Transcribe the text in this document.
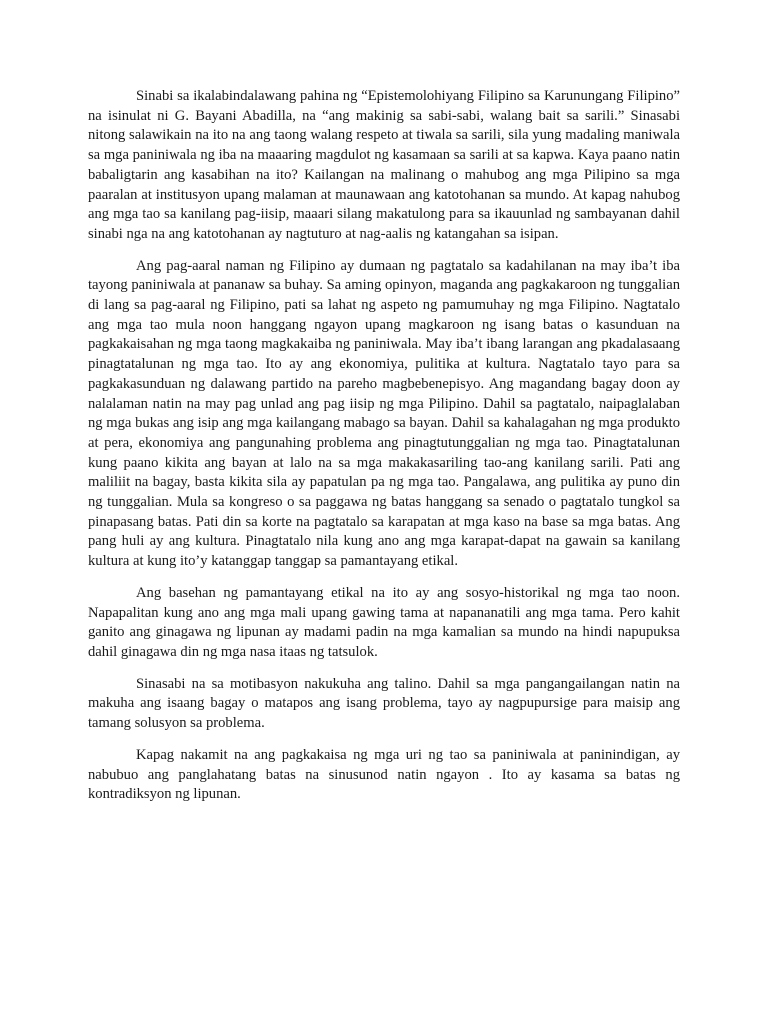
Sinabi sa ikalabindalawang pahina ng “Epistemolohiyang Filipino sa Karunungang Filipino” na isinulat ni G. Bayani Abadilla, na “ang makinig sa sabi-sabi, walang bait sa sarili.” Sinasabi nitong salawikain na ito na ang taong walang respeto at tiwala sa sarili, sila yung madaling maniwala sa mga paniniwala ng iba na maaaring magdulot ng kasamaan sa sarili at sa kapwa. Kaya paano natin babaligtarin ang kasabihan na ito? Kailangan na malinang o mahubog ang mga Pilipino sa mga paaralan at institusyon upang malaman at maunawaan ang katotohanan sa mundo. At kapag nahubog ang mga tao sa kanilang pag-iisip, maaari silang makatulong para sa ikauunlad ng sambayanan dahil sinabi nga na ang katotohanan ay nagtuturo at nag-aalis ng katangahan sa isipan.

Ang pag-aaral naman ng Filipino ay dumaan ng pagtatalo sa kadahilanan na may iba’t iba tayong paniniwala at pananaw sa buhay. Sa aming opinyon, maganda ang pagkakaroon ng tunggalian di lang sa pag-aaral ng Filipino, pati sa lahat ng aspeto ng pamumuhay ng mga Filipino. Nagtatalo ang mga tao mula noon hanggang ngayon upang magkaroon ng isang batas o kasunduan na pagkakaisahan ng mga taong magkakaiba ng paniniwala. May iba’t ibang larangan ang pkadalasaang pinagtatalunan ng mga tao. Ito ay ang ekonomiya, pulitika at kultura. Nagtatalo tayo para sa pagkakasunduan ng dalawang partido na pareho magbebenepisyo. Ang magandang bagay doon ay nalalaman natin na may pag unlad ang pag iisip ng mga Pilipino. Dahil sa pagtatalo, naipaglalaban ng mga bukas ang isip ang mga kailangang mabago sa bayan. Dahil sa kahalagahan ng mga produkto at pera, ekonomiya ang pangunahing problema ang pinagtutunggalian ng mga tao. Pinagtatalunan kung paano kikita ang bayan at lalo na sa mga makakasariling tao-ang kanilang sarili. Pati ang maliliit na bagay, basta kikita sila ay papatulan pa ng mga tao. Pangalawa, ang pulitika ay puno din ng tunggalian. Mula sa kongreso o sa paggawa ng batas hanggang sa senado o pagtatalo tungkol sa pinapasang batas. Pati din sa korte na pagtatalo sa karapatan at mga kaso na base sa mga batas. Ang pang huli ay ang kultura. Pinagtatalo nila kung ano ang mga karapat-dapat na gawain sa kanilang kultura at kung ito’y katanggap tanggap sa pamantayang etikal.

Ang basehan ng pamantayang etikal na ito ay ang sosyo-historikal ng mga tao noon. Napapalitan kung ano ang mga mali upang gawing tama at napananatili ang mga tama. Pero kahit ganito ang ginagawa ng lipunan ay madami padin na mga kamalian sa mundo na hindi napupuksa dahil ginagawa din ng mga nasa itaas ng tatsulok.

Sinasabi na sa motibasyon nakukuha ang talino. Dahil sa mga pangangailangan natin na makuha ang isaang bagay o matapos ang isang problema, tayo ay nagpupursige para maisip ang tamang solusyon sa problema.

Kapag nakamit na ang pagkakaisa ng mga uri ng tao sa paniniwala at paninindigan, ay nabubuo ang panglahatang batas na sinusunod natin ngayon . Ito ay kasama sa batas ng kontradiksyon ng lipunan.
